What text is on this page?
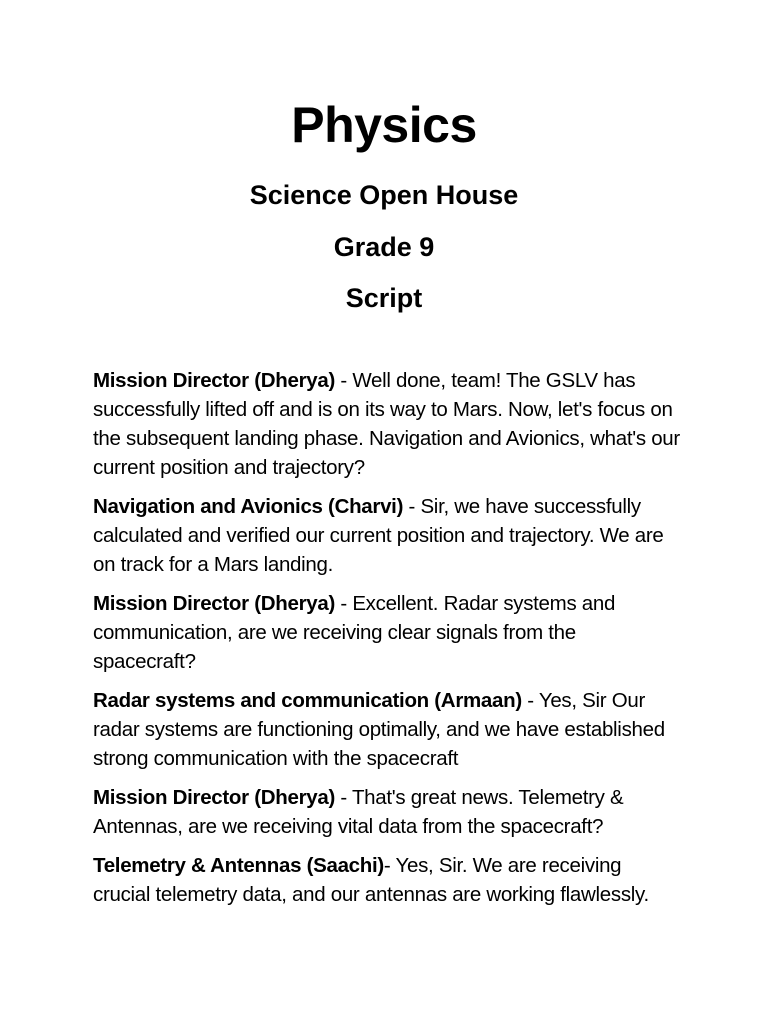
Physics
Science Open House
Grade 9
Script

Mission Director (Dherya) - Well done, team! The GSLV has successfully lifted off and is on its way to Mars. Now, let's focus on the subsequent landing phase. Navigation and Avionics, what's our current position and trajectory?

Navigation and Avionics (Charvi) - Sir, we have successfully calculated and verified our current position and trajectory. We are on track for a Mars landing.

Mission Director (Dherya) - Excellent. Radar systems and communication, are we receiving clear signals from the spacecraft?

Radar systems and communication (Armaan) - Yes, Sir Our radar systems are functioning optimally, and we have established strong communication with the spacecraft

Mission Director (Dherya) - That's great news. Telemetry & Antennas, are we receiving vital data from the spacecraft?

Telemetry & Antennas (Saachi)- Yes, Sir. We are receiving crucial telemetry data, and our antennas are working flawlessly.
